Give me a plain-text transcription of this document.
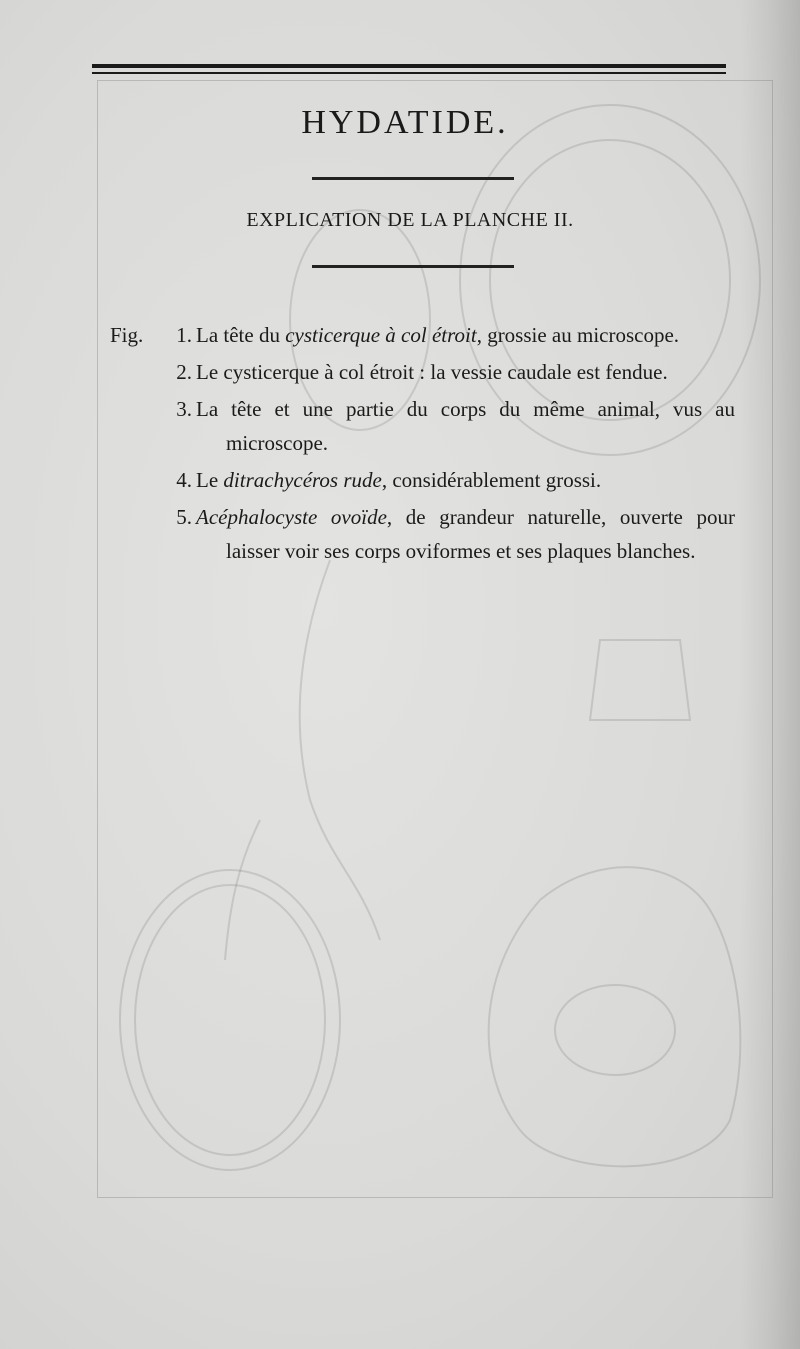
HYDATIDE.
EXPLICATION DE LA PLANCHE II.
Fig.	1. La tête du cysticerque à col étroit, grossie au microscope.
2. Le cysticerque à col étroit : la vessie caudale est fendue.
3. La tête et une partie du corps du même animal, vus au microscope.
4. Le ditrachycéros rude, considérablement grossi.
5. Acéphalocyste ovoïde, de grandeur naturelle, ouverte pour laisser voir ses corps oviformes et ses plaques blanches.
